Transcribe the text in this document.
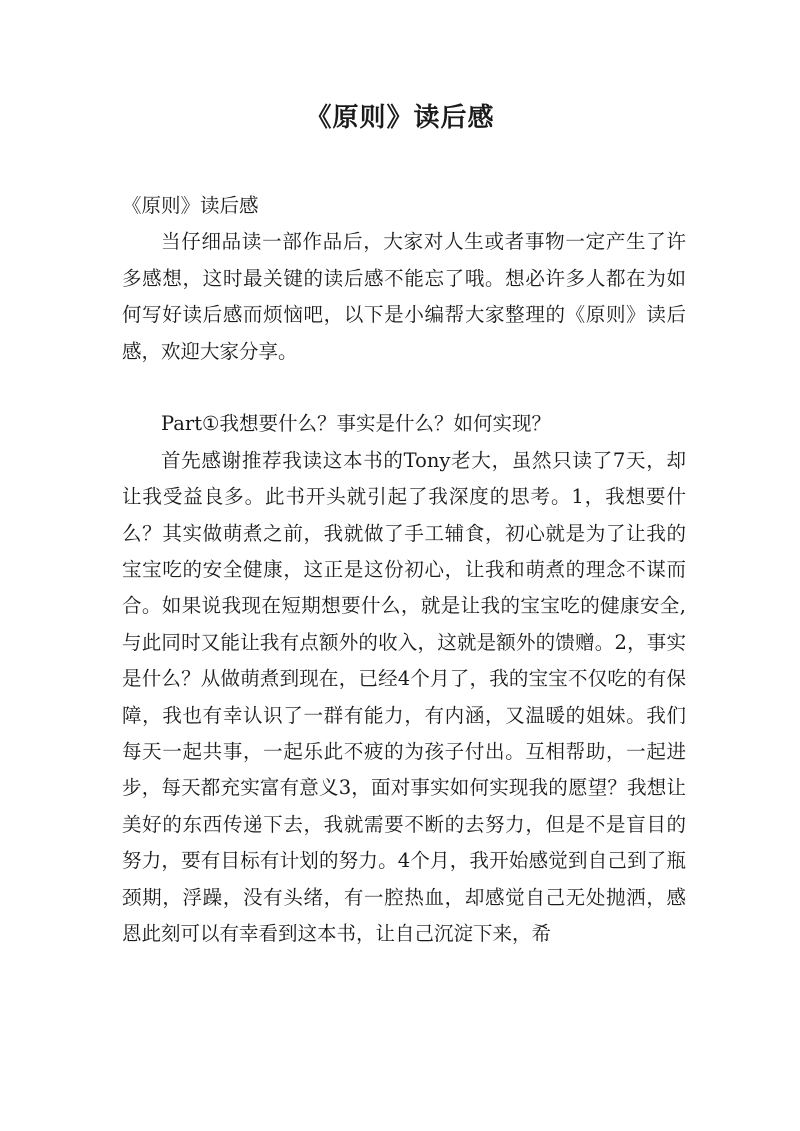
《原则》读后感

《原则》读后感

当仔细品读一部作品后，大家对人生或者事物一定产生了许多感想，这时最关键的读后感不能忘了哦。想必许多人都在为如何写好读后感而烦恼吧，以下是小编帮大家整理的《原则》读后感，欢迎大家分享。

Part①我想要什么？事实是什么？如何实现？

首先感谢推荐我读这本书的Tony老大，虽然只读了7天，却让我受益良多。此书开头就引起了我深度的思考。1，我想要什么？其实做萌煮之前，我就做了手工辅食，初心就是为了让我的宝宝吃的安全健康，这正是这份初心，让我和萌煮的理念不谋而合。如果说我现在短期想要什么，就是让我的宝宝吃的健康安全,与此同时又能让我有点额外的收入，这就是额外的馈赠。2，事实是什么？从做萌煮到现在，已经4个月了，我的宝宝不仅吃的有保障，我也有幸认识了一群有能力，有内涵，又温暖的姐妹。我们每天一起共事，一起乐此不疲的为孩子付出。互相帮助，一起进步，每天都充实富有意义3，面对事实如何实现我的愿望？我想让美好的东西传递下去，我就需要不断的去努力，但是不是盲目的努力，要有目标有计划的努力。4个月，我开始感觉到自己到了瓶颈期，浮躁，没有头绪，有一腔热血，却感觉自己无处抛洒，感恩此刻可以有幸看到这本书，让自己沉淀下来，希
